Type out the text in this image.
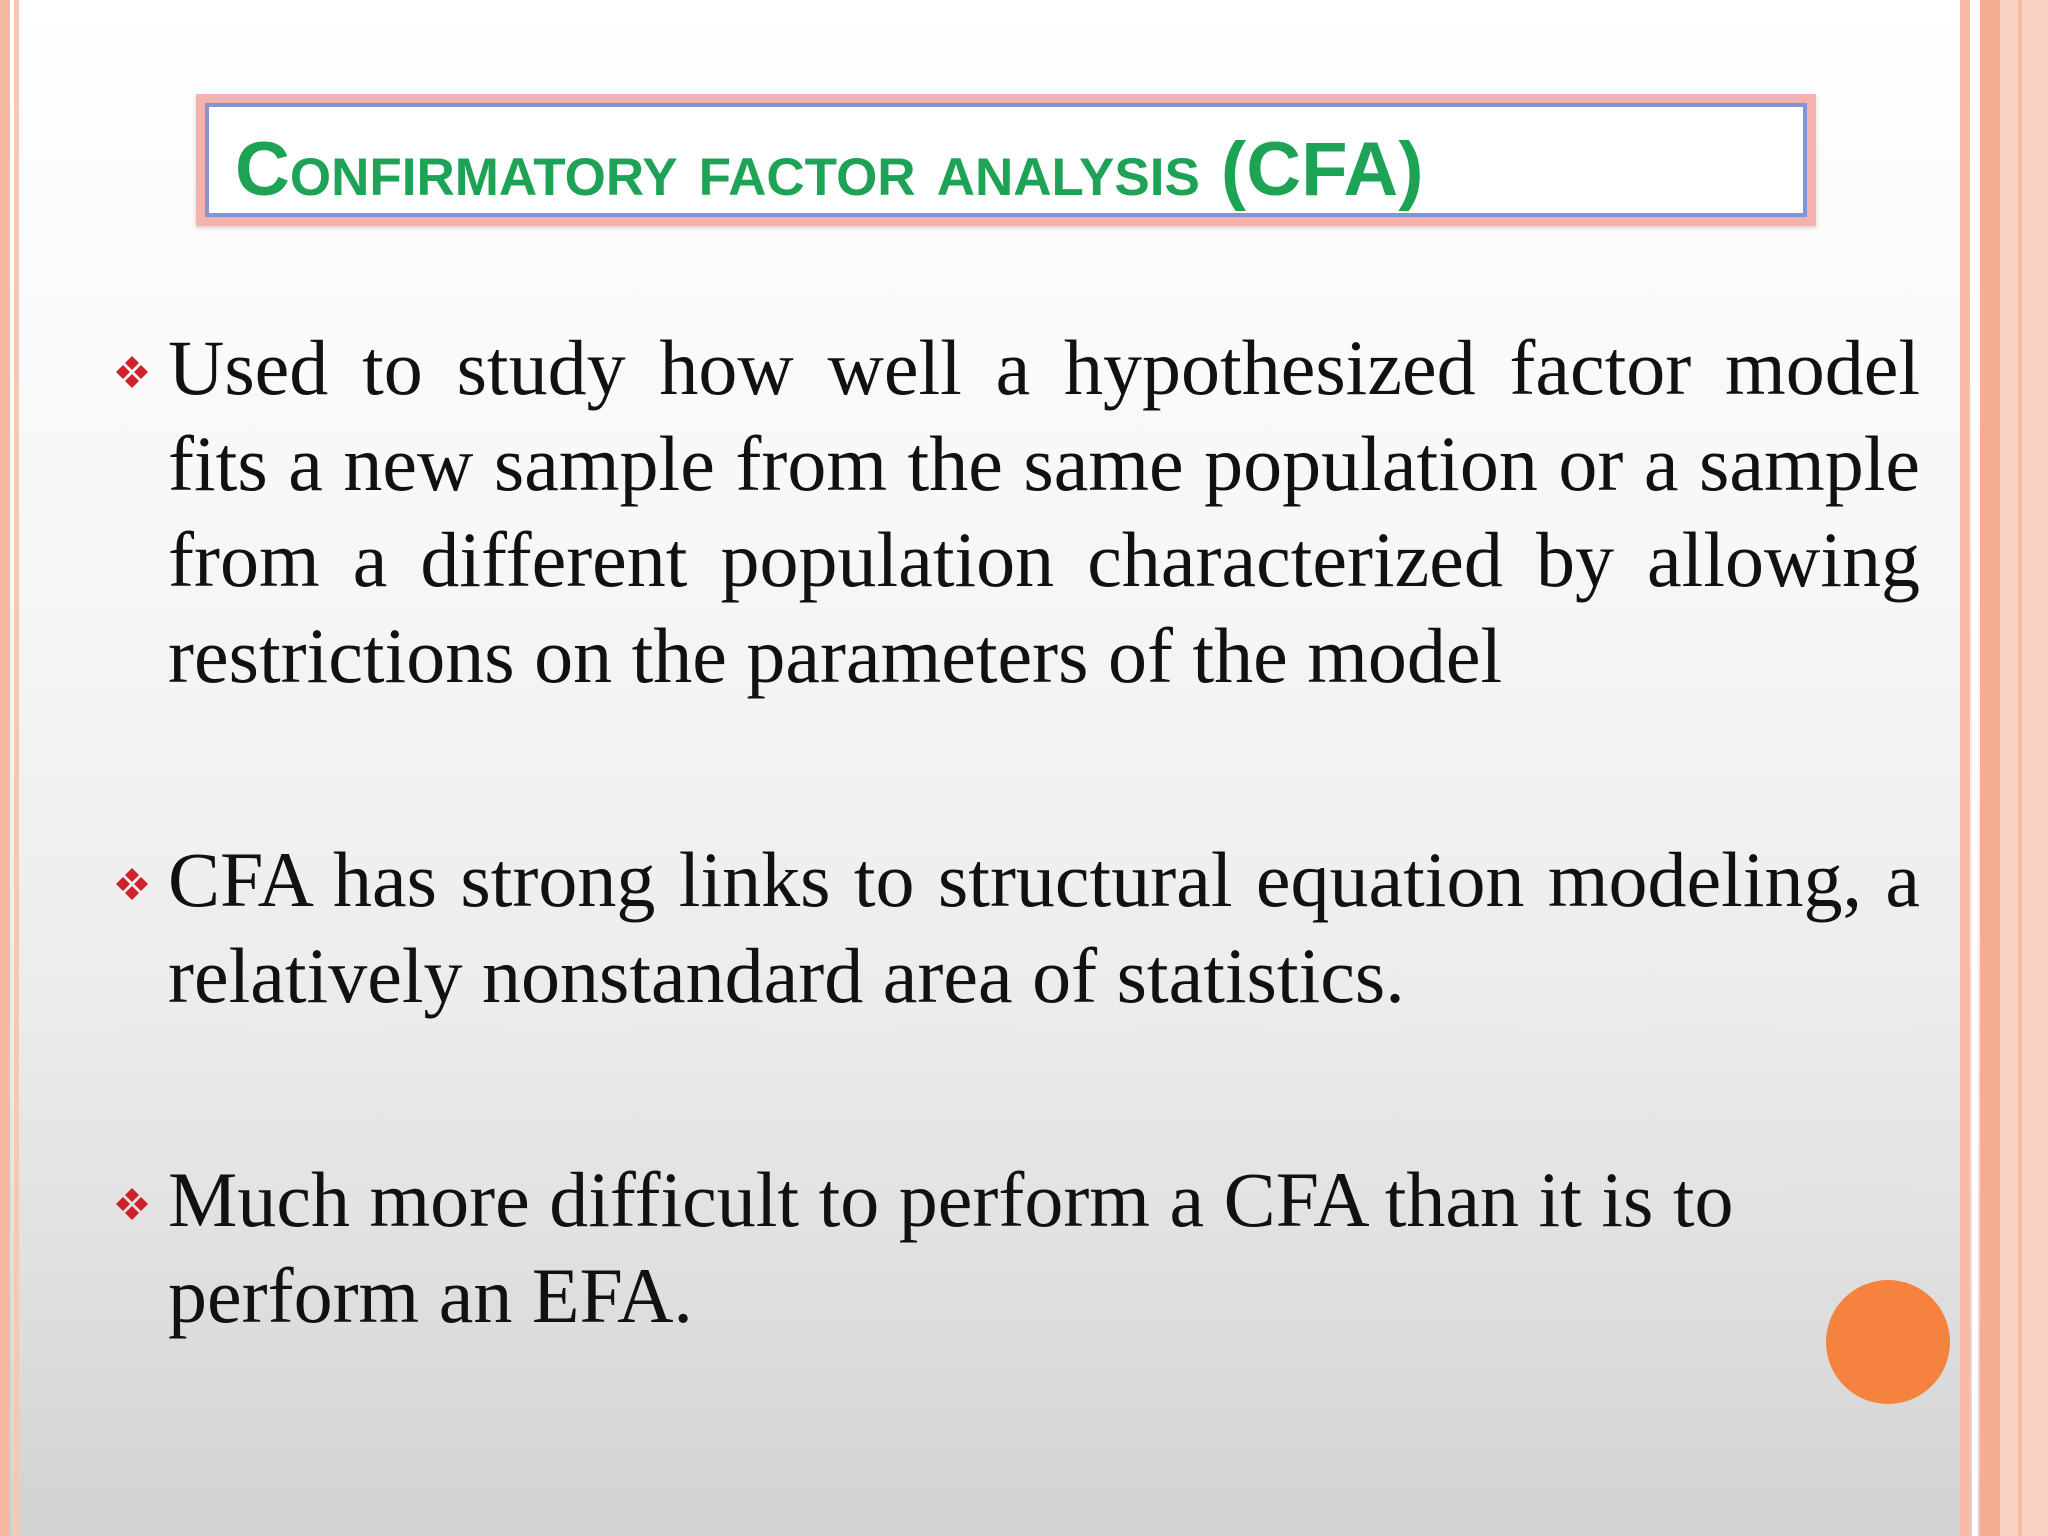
Confirmatory factor analysis (CFA)
Used to study how well a hypothesized factor model fits a new sample from the same population or a sample from a different population characterized by allowing restrictions on the parameters of the model
CFA has strong links to structural equation modeling, a relatively nonstandard area of statistics.
Much more difficult to perform a CFA than it is to perform an EFA.
